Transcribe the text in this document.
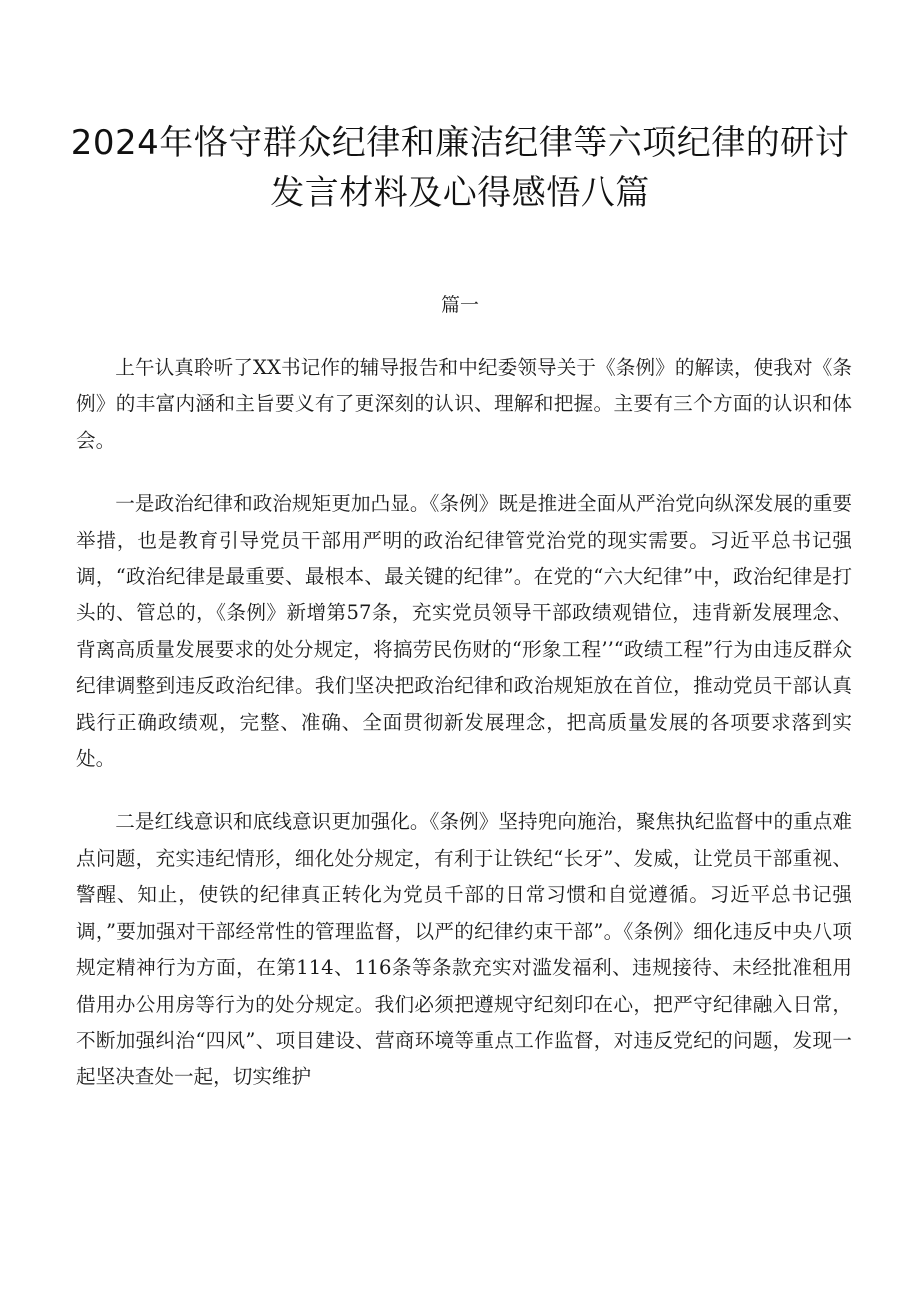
2024年恪守群众纪律和廉洁纪律等六项纪律的研讨
发言材料及心得感悟八篇
篇一

上午认真聆听了XX书记作的辅导报告和中纪委领导关于《条例》的解读，使我对《条例》的丰富内涵和主旨要义有了更深刻的认识、理解和把握。主要有三个方面的认识和体会。

一是政治纪律和政治规矩更加凸显。《条例》既是推进全面从严治党向纵深发展的重要举措，也是教育引导党员干部用严明的政治纪律管党治党的现实需要。习近平总书记强调，“政治纪律是最重要、最根本、最关键的纪律”。在党的“六大纪律”中，政治纪律是打头的、管总的，《条例》新增第57条，充实党员领导干部政绩观错位，违背新发展理念、背离高质量发展要求的处分规定，将搞劳民伤财的“形象工程’’“政绩工程”行为由违反群众纪律调整到违反政治纪律。我们坚决把政治纪律和政治规矩放在首位，推动党员干部认真践行正确政绩观，完整、准确、全面贯彻新发展理念，把高质量发展的各项要求落到实处。

二是红线意识和底线意识更加强化。《条例》坚持兜向施治，聚焦执纪监督中的重点难点问题，充实违纪情形，细化处分规定，有利于让铁纪“长牙”、发威，让党员干部重视、警醒、知止，使铁的纪律真正转化为党员千部的日常习惯和自觉遵循。习近平总书记强调，”要加强对干部经常性的管理监督，以严的纪律约束干部”。《条例》细化违反中央八项规定精神行为方面，在第114、116条等条款充实对滥发福利、违规接待、未经批准租用借用办公用房等行为的处分规定。我们必须把遵规守纪刻印在心，把严守纪律融入日常，不断加强纠治“四风”、项目建设、营商环境等重点工作监督，对违反党纪的问题，发现一起坚决查处一起，切实维护
